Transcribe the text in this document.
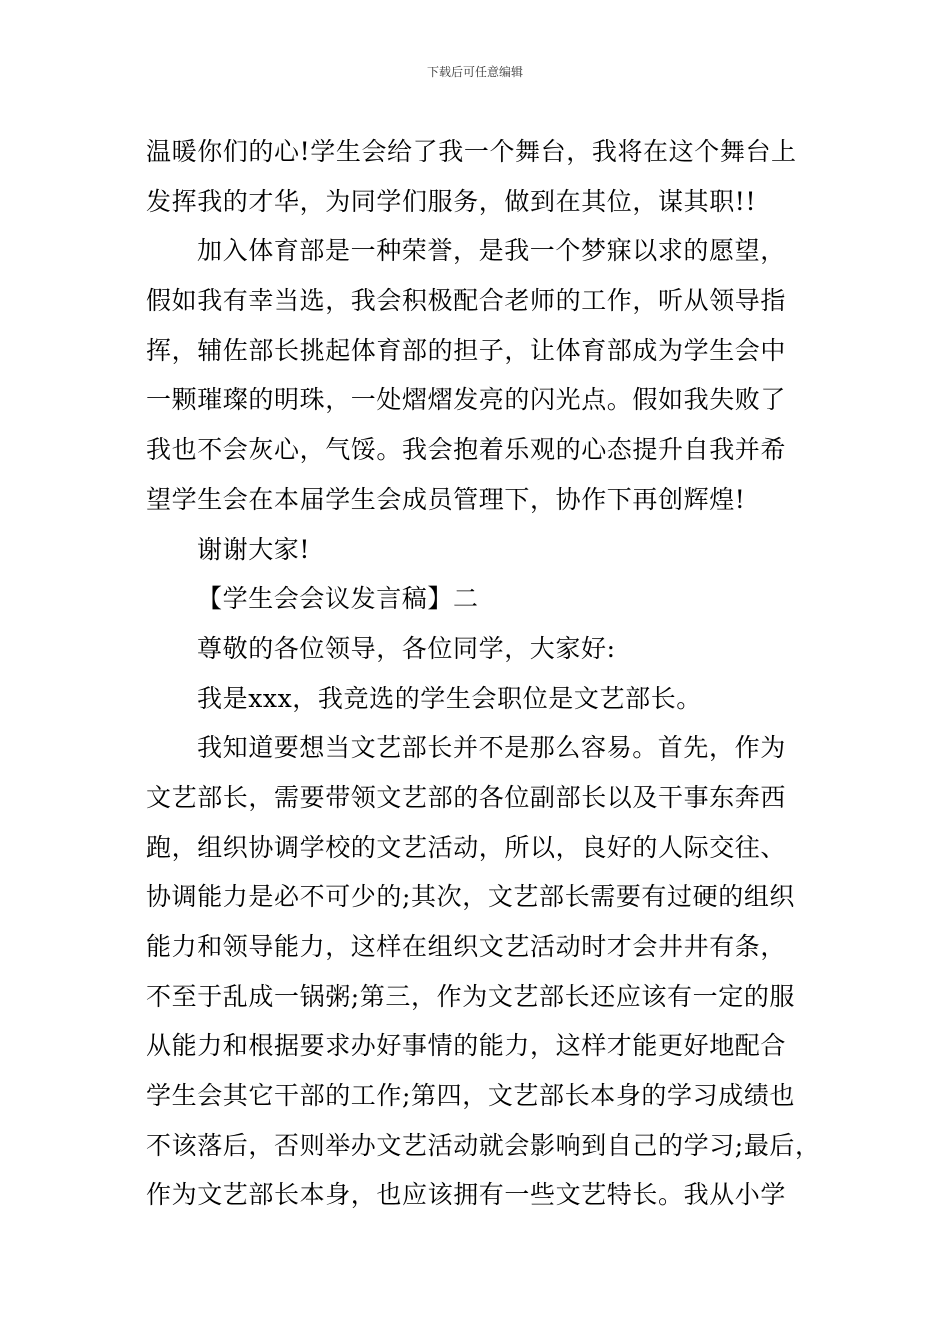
下载后可任意编辑
温暖你们的心!学生会给了我一个舞台，我将在这个舞台上
发挥我的才华，为同学们服务，做到在其位，谋其职!!
加入体育部是一种荣誉，是我一个梦寐以求的愿望，
假如我有幸当选，我会积极配合老师的工作，听从领导指
挥，辅佐部长挑起体育部的担子，让体育部成为学生会中
一颗璀璨的明珠，一处熠熠发亮的闪光点。假如我失败了
我也不会灰心，气馁。我会抱着乐观的心态提升自我并希
望学生会在本届学生会成员管理下，协作下再创辉煌!
谢谢大家!
【学生会会议发言稿】二
尊敬的各位领导，各位同学，大家好:
我是xxx，我竞选的学生会职位是文艺部长。
我知道要想当文艺部长并不是那么容易。首先，作为
文艺部长，需要带领文艺部的各位副部长以及干事东奔西
跑，组织协调学校的文艺活动，所以，良好的人际交往、
协调能力是必不可少的;其次，文艺部长需要有过硬的组织
能力和领导能力，这样在组织文艺活动时才会井井有条，
不至于乱成一锅粥;第三，作为文艺部长还应该有一定的服
从能力和根据要求办好事情的能力，这样才能更好地配合
学生会其它干部的工作;第四，文艺部长本身的学习成绩也
不该落后，否则举办文艺活动就会影响到自己的学习;最后，
作为文艺部长本身，也应该拥有一些文艺特长。我从小学
